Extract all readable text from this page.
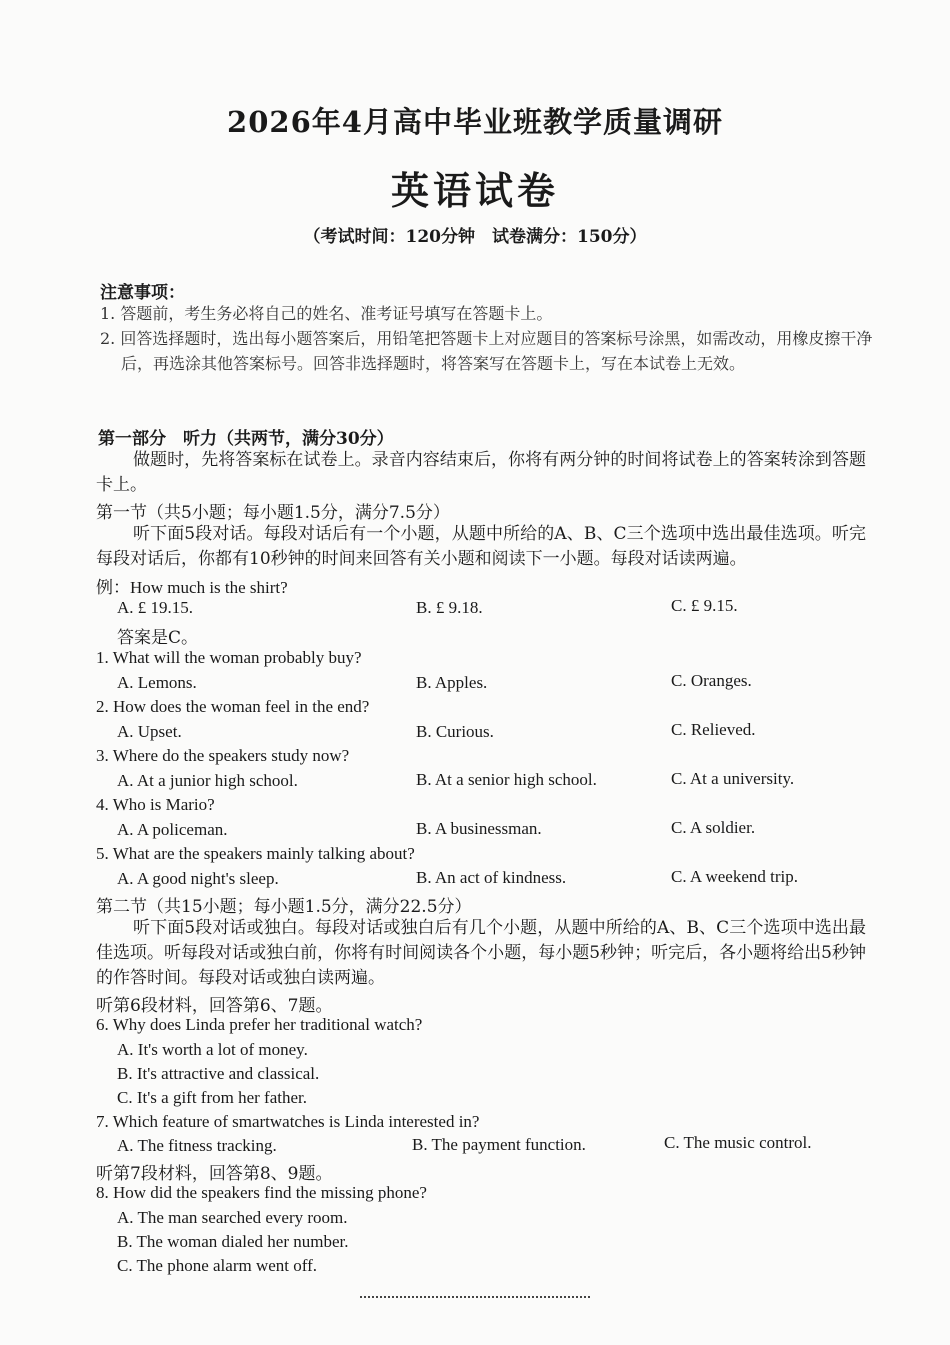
2026年4月高中毕业班教学质量调研
英语试卷
（考试时间：120分钟　试卷满分：150分）
注意事项：
1. 答题前，考生务必将自己的姓名、准考证号填写在答题卡上。
2. 回答选择题时，选出每小题答案后，用铅笔把答题卡上对应题目的答案标号涂黑，如需改动，用橡皮擦干净后，再选涂其他答案标号。回答非选择题时，将答案写在答题卡上，写在本试卷上无效。
第一部分　听力（共两节，满分30分）
做题时，先将答案标在试卷上。录音内容结束后，你将有两分钟的时间将试卷上的答案转涂到答题卡上。
第一节（共5小题；每小题1.5分，满分7.5分）
听下面5段对话。每段对话后有一个小题，从题中所给的A、B、C三个选项中选出最佳选项。听完每段对话后，你都有10秒钟的时间来回答有关小题和阅读下一小题。每段对话读两遍。
例：How much is the shirt?
A. £ 19.15.	B. £ 9.18.	C. £ 9.15.
答案是C。
1. What will the woman probably buy?
A. Lemons.	B. Apples.	C. Oranges.
2. How does the woman feel in the end?
A. Upset.	B. Curious.	C. Relieved.
3. Where do the speakers study now?
A. At a junior high school.	B. At a senior high school.	C. At a university.
4. Who is Mario?
A. A policeman.	B. A businessman.	C. A soldier.
5. What are the speakers mainly talking about?
A. A good night's sleep.	B. An act of kindness.	C. A weekend trip.
第二节（共15小题；每小题1.5分，满分22.5分）
听下面5段对话或独白。每段对话或独白后有几个小题，从题中所给的A、B、C三个选项中选出最佳选项。听每段对话或独白前，你将有时间阅读各个小题，每小题5秒钟；听完后，各小题将给出5秒钟的作答时间。每段对话或独白读两遍。
听第6段材料，回答第6、7题。
6. Why does Linda prefer her traditional watch?
A. It's worth a lot of money.
B. It's attractive and classical.
C. It's a gift from her father.
7. Which feature of smartwatches is Linda interested in?
A. The fitness tracking.	B. The payment function.	C. The music control.
听第7段材料，回答第8、9题。
8. How did the speakers find the missing phone?
A. The man searched every room.
B. The woman dialed her number.
C. The phone alarm went off.
